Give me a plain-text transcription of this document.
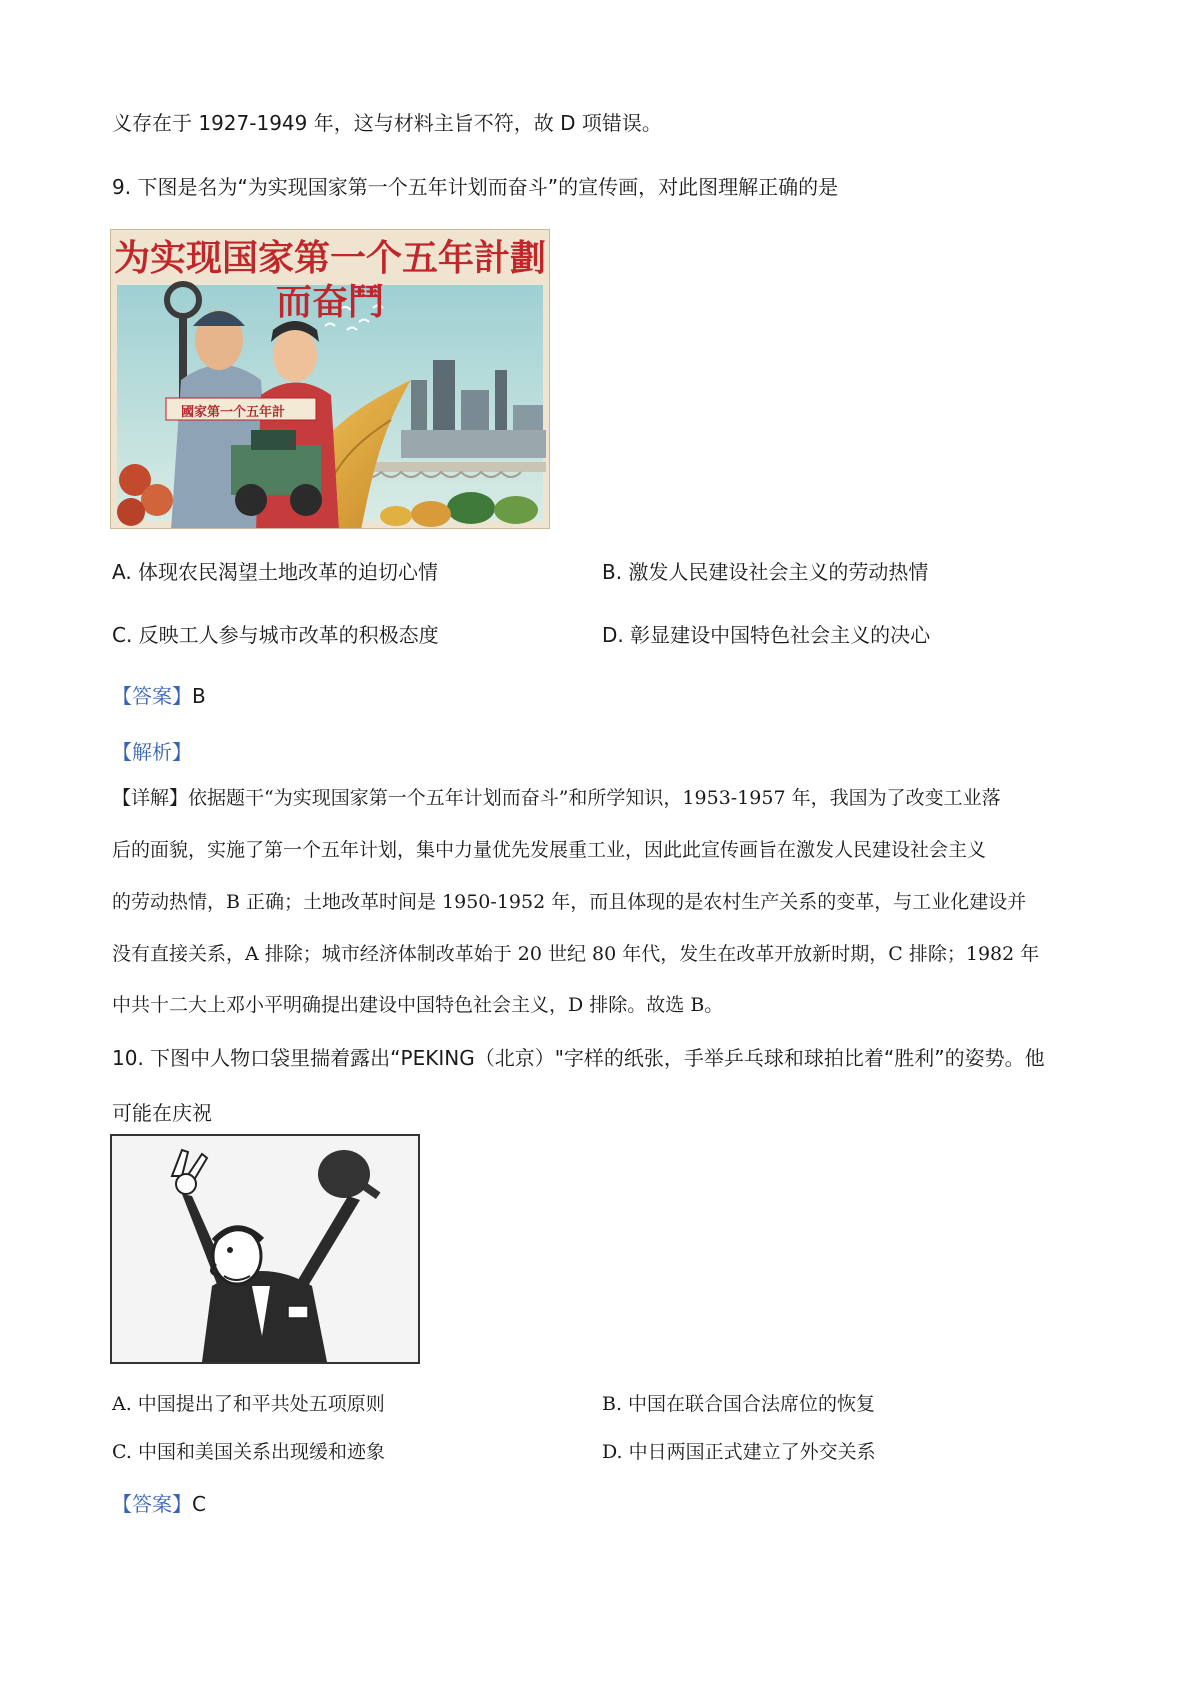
义存在于 1927-1949 年，这与材料主旨不符，故 D 项错误。
9. 下图是名为“为实现国家第一个五年计划而奋斗”的宣传画，对此图理解正确的是
为实现国家第一个五年計劃而奋鬥
國家第一个五年計
A. 体现农民渴望土地改革的迫切心情	B. 激发人民建设社会主义的劳动热情
C. 反映工人参与城市改革的积极态度	D. 彰显建设中国特色社会主义的决心
【答案】B
【解析】
【详解】依据题干“为实现国家第一个五年计划而奋斗”和所学知识，1953-1957 年，我国为了改变工业落
后的面貌，实施了第一个五年计划，集中力量优先发展重工业，因此此宣传画旨在激发人民建设社会主义
的劳动热情，B 正确；土地改革时间是 1950-1952 年，而且体现的是农村生产关系的变革，与工业化建设并
没有直接关系，A 排除；城市经济体制改革始于 20 世纪 80 年代，发生在改革开放新时期，C 排除；1982 年
中共十二大上邓小平明确提出建设中国特色社会主义，D 排除。故选 B。
10. 下图中人物口袋里揣着露出“PEKING（北京）"字样的纸张，手举乒乓球和球拍比着“胜利”的姿势。他
可能在庆祝
A. 中国提出了和平共处五项原则	B. 中国在联合国合法席位的恢复
C. 中国和美国关系出现缓和迹象	D. 中日两国正式建立了外交关系
【答案】C
